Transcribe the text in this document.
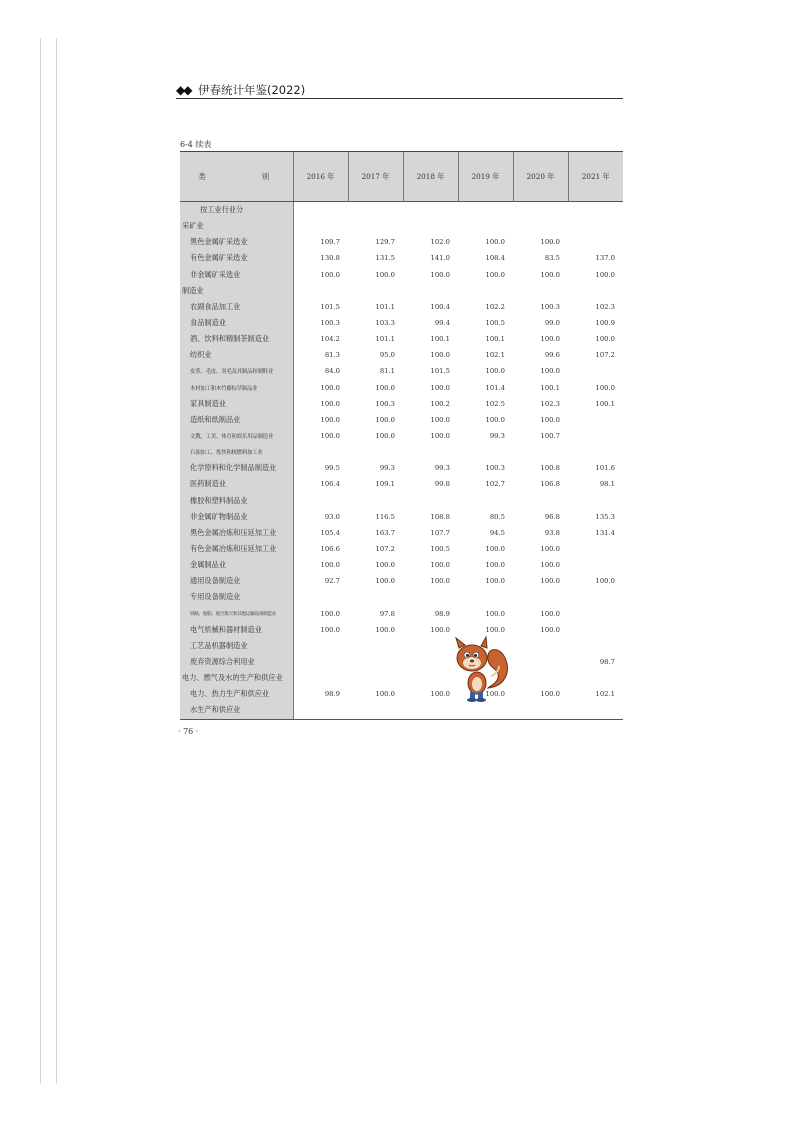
◆◆ 伊春统计年鉴(2022)
6-4 续表
类　　别	2016 年	2017 年	2018 年	2019 年	2020 年	2021 年
按工业行业分						
采矿业						
黑色金属矿采选业	109.7	129.7	102.0	100.0	100.0	
有色金属矿采选业	130.8	131.5	141.0	108.4	83.5	137.0
非金属矿采选业	100.0	100.0	100.0	100.0	100.0	100.0
制造业						
农副食品加工业	101.5	101.1	100.4	102.2	100.3	102.3
食品制造业	100.3	103.3	99.4	100.5	99.0	100.9
酒、饮料和精制茶制造业	104.2	101.1	100.1	100.1	100.0	100.0
纺织业	81.3	95.0	100.0	102.1	99.6	107.2
皮革、毛皮、羽毛及其制品和制鞋业	84.0	81.1	101.5	100.0	100.0	
木材加工和木竹藤棕草制品业	100.0	100.0	100.0	101.4	100.1	100.0
家具制造业	100.0	100.3	100.2	102.5	102.3	100.1
造纸和纸制品业	100.0	100.0	100.0	100.0	100.0	
文教、工美、体育和娱乐用品制造业	100.0	100.0	100.0	99.3	100.7	
石油加工、炼焦和核燃料加工业						
化学原料和化学制品制造业	99.5	99.3	99.3	100.3	100.8	101.6
医药制造业	106.4	109.1	99.8	102.7	106.8	98.1
橡胶和塑料制品业						
非金属矿物制品业	93.0	116.5	108.8	80.5	96.8	135.3
黑色金属冶炼和压延加工业	105.4	163.7	107.7	94.5	93.8	131.4
有色金属冶炼和压延加工业	106.6	107.2	100.5	100.0	100.0	
金属制品业	100.0	100.0	100.0	100.0	100.0	
通用设备制造业	92.7	100.0	100.0	100.0	100.0	100.0
专用设备制造业						
铁路、船舶、航空航天和其他运输设备制造业	100.0	97.8	98.9	100.0	100.0	
电气机械和器材制造业	100.0	100.0	100.0	100.0	100.0	
工艺品机器制造业						
废弃资源综合利用业						98.7
电力、燃气及水的生产和供应业						
电力、热力生产和供应业	98.9	100.0	100.0	100.0	100.0	102.1
水生产和供应业						
· 76 ·
